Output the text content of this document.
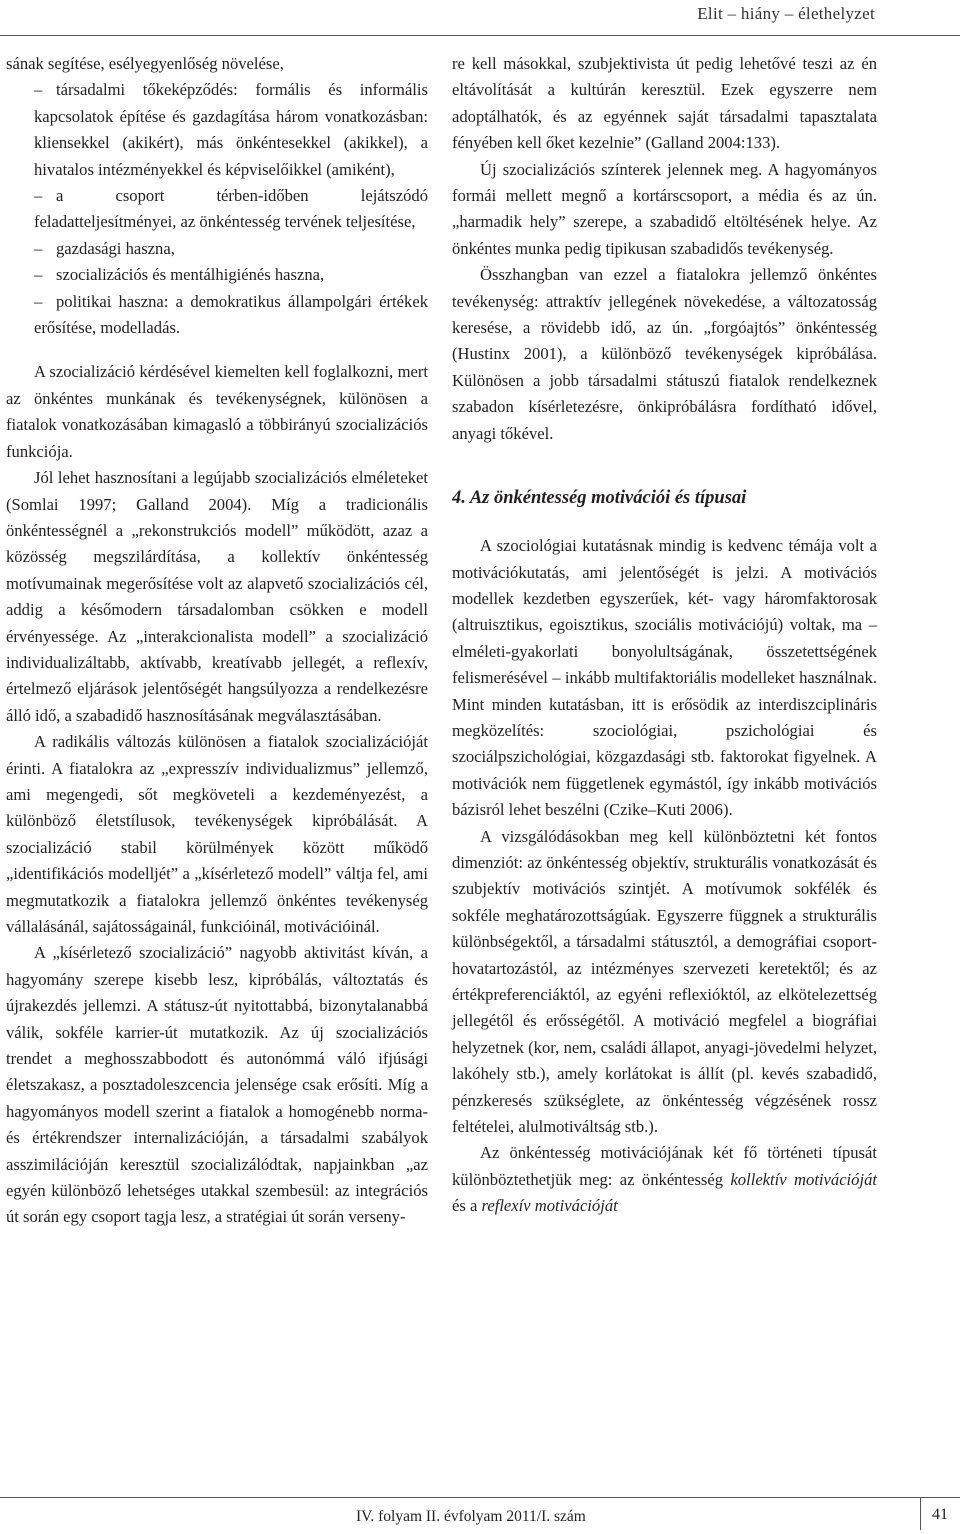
Elit – hiány – élethelyzet

sának segítése, esélyegyenlőség növelése,

– társadalmi tőkeképződés: formális és informális kapcsolatok építése és gazdagítása három vonatkozásban: kliensekkel (akikért), más önkéntesekkel (akikkel), a hivatalos intézményekkel és képviselőikkel (amiként),

– a csoport térben-időben lejátszódó feladatteljesítményei, az önkéntesség tervének teljesítése,

– gazdasági haszna,

– szocializációs és mentálhigiénés haszna,

– politikai haszna: a demokratikus állampolgári értékek erősítése, modelladás.

A szocializáció kérdésével kiemelten kell foglalkozni, mert az önkéntes munkának és tevékenységnek, különösen a fiatalok vonatkozásában kimagasló a többirányú szocializációs funkciója.

Jól lehet hasznosítani a legújabb szocializációs elméleteket (Somlai 1997; Galland 2004). Míg a tradicionális önkéntességnél a „rekonstrukciós modell” működött, azaz a közösség megszilárdítása, a kollektív önkéntesség motívumainak megerősítése volt az alapvető szocializációs cél, addig a későmodern társadalomban csökken e modell érvényessége. Az „interakcionalista modell” a szocializáció individualizáltabb, aktívabb, kreatívabb jellegét, a reflexív, értelmező eljárások jelentőségét hangsúlyozza a rendelkezésre álló idő, a szabadidő hasznosításának megválasztásában.

A radikális változás különösen a fiatalok szocializációját érinti. A fiatalokra az „expresszív individualizmus” jellemző, ami megengedi, sőt megköveteli a kezdeményezést, a különböző életstílusok, tevékenységek kipróbálását. A szocializáció stabil körülmények között működő „identifikációs modelljét” a „kísérletező modell” váltja fel, ami megmutatkozik a fiatalokra jellemző önkéntes tevékenység vállalásánál, sajátosságainál, funkcióinál, motivációinál.

A „kísérletező szocializáció” nagyobb aktivitást kíván, a hagyomány szerepe kisebb lesz, kipróbálás, változtatás és újrakezdés jellemzi. A státusz-út nyitottabbá, bizonytalanabbá válik, sokféle karrier-út mutatkozik. Az új szocializációs trendet a meghosszabbodott és autonómmá váló ifjúsági életszakasz, a posztadoleszcencia jelensége csak erősíti. Míg a hagyományos modell szerint a fiatalok a homogénebb norma- és értékrendszer internalizációján, a társadalmi szabályok asszimilációján keresztül szocializálódtak, napjainkban „az egyén különböző lehetséges utakkal szembesül: az integrációs út során egy csoport tagja lesz, a stratégiai út során verseny-

re kell másokkal, szubjektivista út pedig lehetővé teszi az én eltávolítását a kultúrán keresztül. Ezek egyszerre nem adoptálhatók, és az egyénnek saját társadalmi tapasztalata fényében kell őket kezelnie” (Galland 2004:133).

Új szocializációs színterek jelennek meg. A hagyományos formái mellett megnő a kortárscsoport, a média és az ún. „harmadik hely” szerepe, a szabadidő eltöltésének helye. Az önkéntes munka pedig tipikusan szabadidős tevékenység.

Összhangban van ezzel a fiatalokra jellemző önkéntes tevékenység: attraktív jellegének növekedése, a változatosság keresése, a rövidebb idő, az ún. „forgóajtós” önkéntesség (Hustinx 2001), a különböző tevékenységek kipróbálása. Különösen a jobb társadalmi státuszú fiatalok rendelkeznek szabadon kísérletezésre, önkipróbálásra fordítható idővel, anyagi tőkével.

4. Az önkéntesség motivációi és típusai

A szociológiai kutatásnak mindig is kedvenc témája volt a motivációkutatás, ami jelentőségét is jelzi. A motivációs modellek kezdetben egyszerűek, két- vagy háromfaktorosak (altruisztikus, egoisztikus, szociális motivációjú) voltak, ma – elméleti-gyakorlati bonyolultságának, összetettségének felismerésével – inkább multifaktoriális modelleket használnak. Mint minden kutatásban, itt is erősödik az interdiszciplináris megközelítés: szociológiai, pszichológiai és szociálpszichológiai, közgazdasági stb. faktorokat figyelnek. A motivációk nem függetlenek egymástól, így inkább motivációs bázisról lehet beszélni (Czike–Kuti 2006).

A vizsgálódásokban meg kell különböztetni két fontos dimenziót: az önkéntesség objektív, strukturális vonatkozását és szubjektív motivációs szintjét. A motívumok sokfélék és sokféle meghatározottságúak. Egyszerre függnek a strukturális különbségektől, a társadalmi státusztól, a demográfiai csoport-hovatartozástól, az intézményes szervezeti keretektől; és az értékpreferenciáktól, az egyéni reflexióktól, az elkötelezettség jellegétől és erősségétől. A motiváció megfelel a biográfiai helyzetnek (kor, nem, családi állapot, anyagi-jövedelmi helyzet, lakóhely stb.), amely korlátokat is állít (pl. kevés szabadidő, pénzkeresés szükséglete, az önkéntesség végzésének rossz feltételei, alulmotiváltság stb.).

Az önkéntesség motivációjának két fő történeti típusát különböztethetjük meg: az önkéntesség kollektív motivációját és a reflexív motivációját

IV. folyam II. évfolyam 2011/I. szám	41
